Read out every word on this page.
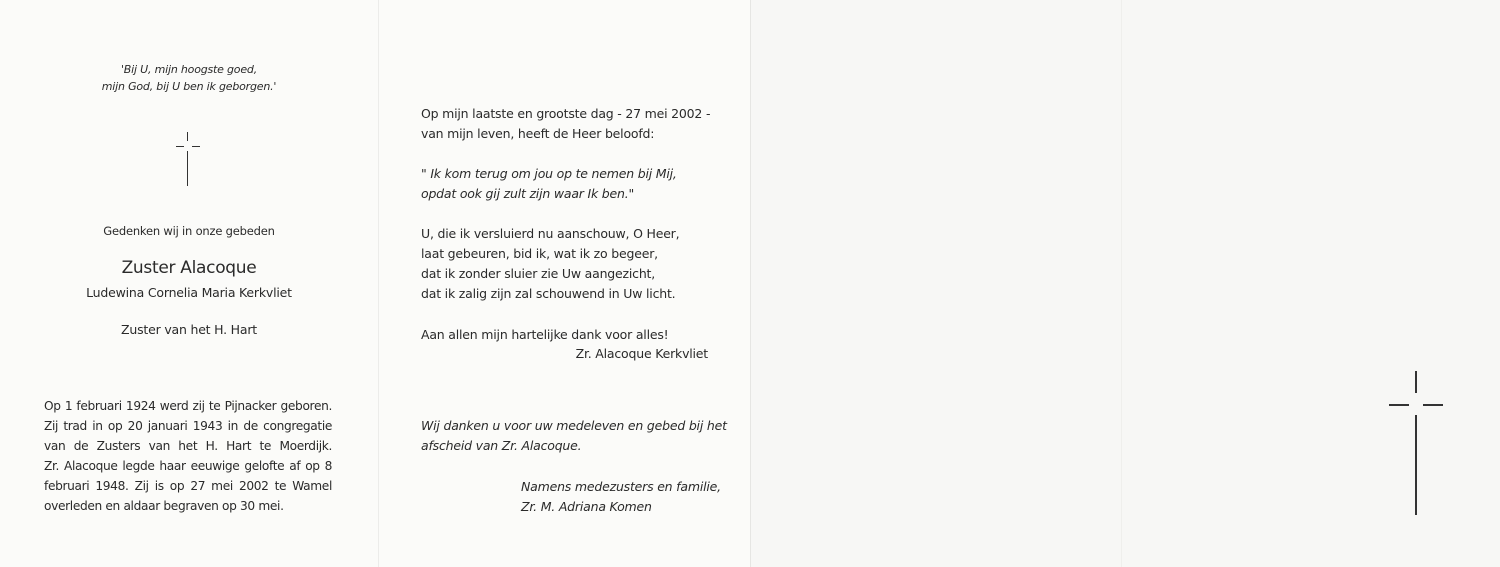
'Bij U, mijn hoogste goed,
mijn God, bij U ben ik geborgen.'
Gedenken wij in onze gebeden
Zuster Alacoque
Ludewina Cornelia Maria Kerkvliet
Zuster van het H. Hart
Op 1 februari 1924 werd zij te Pijnacker geboren.
Zij trad in op 20 januari 1943 in de congregatie
van de Zusters van het H. Hart te Moerdijk.
Zr. Alacoque legde haar eeuwige gelofte af op 8
februari 1948. Zij is op 27 mei 2002 te Wamel
overleden en aldaar begraven op 30 mei.
Op mijn laatste en grootste dag - 27 mei 2002 -
van mijn leven, heeft de Heer beloofd:
" Ik kom terug om jou op te nemen bij Mij,
opdat ook gij zult zijn waar Ik ben."
U, die ik versluierd nu aanschouw, O Heer,
laat gebeuren, bid ik, wat ik zo begeer,
dat ik zonder sluier zie Uw aangezicht,
dat ik zalig zijn zal schouwend in Uw licht.
Aan allen mijn hartelijke dank voor alles!
Zr. Alacoque Kerkvliet
Wij danken u voor uw medeleven en gebed bij het
afscheid van Zr. Alacoque.
Namens medezusters en familie,
Zr. M. Adriana Komen
